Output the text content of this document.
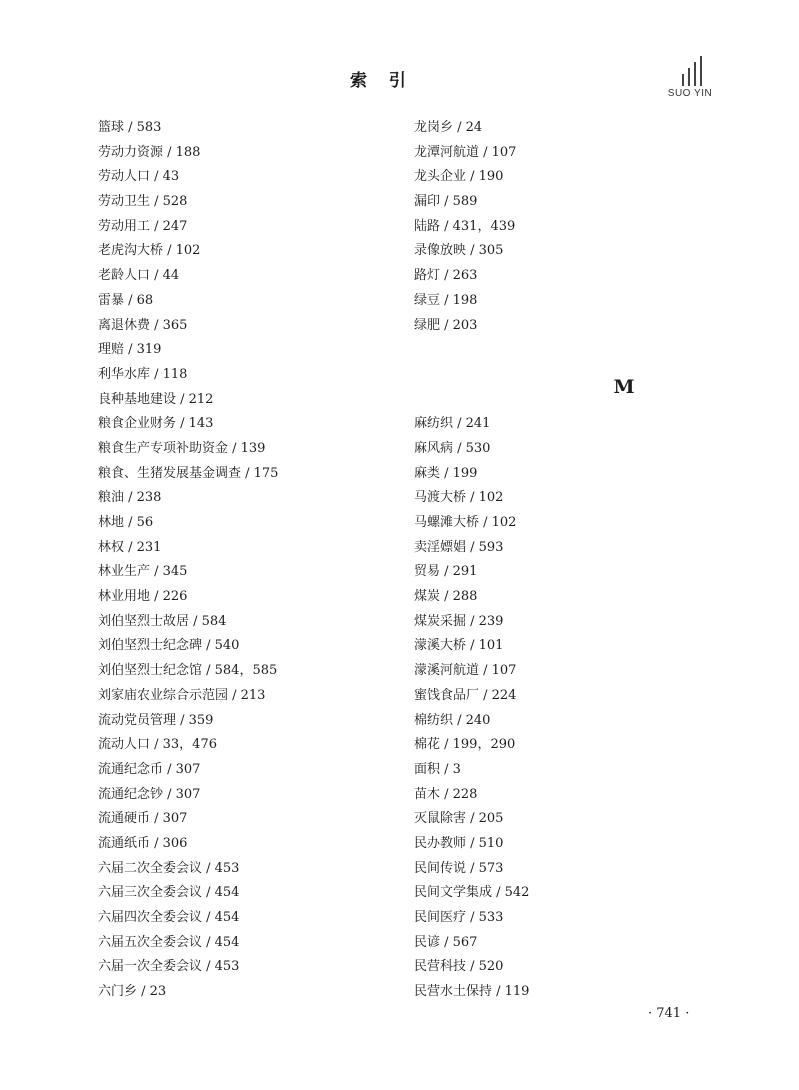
索 引
SUO YIN
篮球 / 583
劳动力资源 / 188
劳动人口 / 43
劳动卫生 / 528
劳动用工 / 247
老虎沟大桥 / 102
老龄人口 / 44
雷暴 / 68
离退休费 / 365
理赔 / 319
利华水库 / 118
良种基地建设 / 212
粮食企业财务 / 143
粮食生产专项补助资金 / 139
粮食、生猪发展基金调查 / 175
粮油 / 238
林地 / 56
林权 / 231
林业生产 / 345
林业用地 / 226
刘伯坚烈士故居 / 584
刘伯坚烈士纪念碑 / 540
刘伯坚烈士纪念馆 / 584，585
刘家庙农业综合示范园 / 213
流动党员管理 / 359
流动人口 / 33，476
流通纪念币 / 307
流通纪念钞 / 307
流通硬币 / 307
流通纸币 / 306
六届二次全委会议 / 453
六届三次全委会议 / 454
六届四次全委会议 / 454
六届五次全委会议 / 454
六届一次全委会议 / 453
六门乡 / 23
龙岗乡 / 24
龙潭河航道 / 107
龙头企业 / 190
漏印 / 589
陆路 / 431，439
录像放映 / 305
路灯 / 263
绿豆 / 198
绿肥 / 203
M
麻纺织 / 241
麻风病 / 530
麻类 / 199
马渡大桥 / 102
马螺滩大桥 / 102
卖淫嫖娼 / 593
贸易 / 291
煤炭 / 288
煤炭采掘 / 239
濛溪大桥 / 101
濛溪河航道 / 107
蜜饯食品厂 / 224
棉纺织 / 240
棉花 / 199，290
面积 / 3
苗木 / 228
灭鼠除害 / 205
民办教师 / 510
民间传说 / 573
民间文学集成 / 542
民间医疗 / 533
民谚 / 567
民营科技 / 520
民营水土保持 / 119
· 741 ·
